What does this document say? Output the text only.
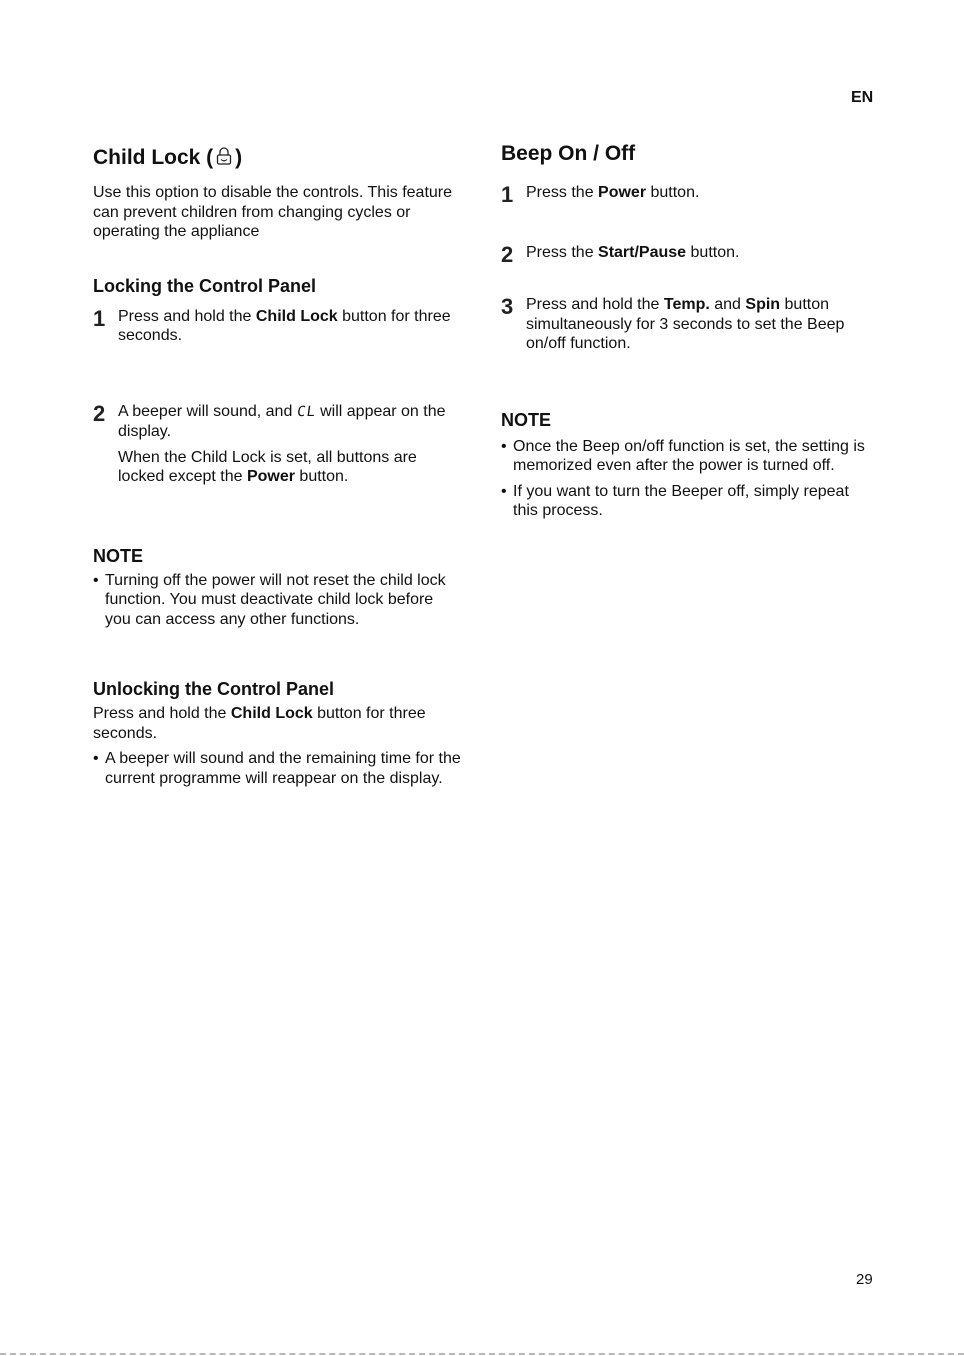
EN
Child Lock ( )

Use this option to disable the controls. This feature can prevent children from changing cycles or operating the appliance

Locking the Control Panel
1 Press and hold the Child Lock button for three seconds.
2 A beeper will sound, and CL will appear on the display.

When the Child Lock is set, all buttons are locked except the Power button.

NOTE
• Turning off the power will not reset the child lock function. You must deactivate child lock before you can access any other functions.
Unlocking the Control Panel

Press and hold the Child Lock button for three seconds.

• A beeper will sound and the remaining time for the current programme will reappear on the display.
Beep On / Off
1 Press the Power button.
2 Press the Start/Pause button.
3 Press and hold the Temp. and Spin button simultaneously for 3 seconds to set the Beep on/off function.
NOTE
• Once the Beep on/off function is set, the setting is memorized even after the power is turned off.
• If you want to turn the Beeper off, simply repeat this process.
29
